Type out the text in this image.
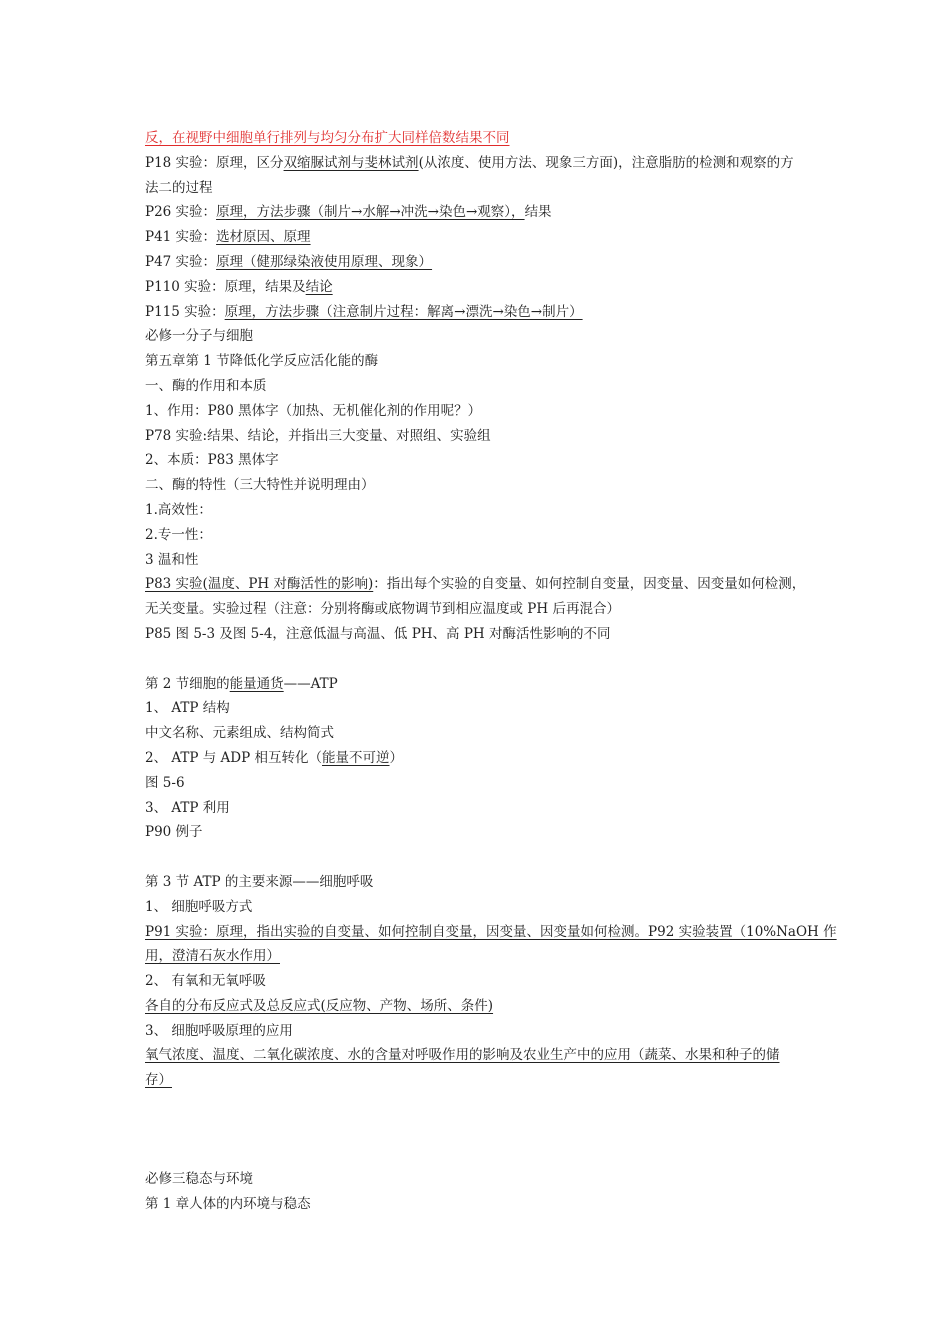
反，在视野中细胞单行排列与均匀分布扩大同样倍数结果不同
P18 实验：原理，区分双缩脲试剂与斐林试剂(从浓度、使用方法、现象三方面)，注意脂肪的检测和观察的方
法二的过程
P26 实验：原理，方法步骤（制片→水解→冲洗→染色→观察），结果
P41 实验：选材原因、原理
P47 实验：原理（健那绿染液使用原理、现象）
P110 实验：原理，结果及结论
P115 实验：原理，方法步骤（注意制片过程：解离→漂洗→染色→制片）
必修一分子与细胞
第五章第 1 节降低化学反应活化能的酶
一、酶的作用和本质
1、作用：P80 黑体字（加热、无机催化剂的作用呢？）
P78 实验:结果、结论，并指出三大变量、对照组、实验组
2、本质：P83 黑体字
二、酶的特性（三大特性并说明理由）
1.高效性：
2.专一性：
3 温和性
P83 实验(温度、PH 对酶活性的影响)：指出每个实验的自变量、如何控制自变量，因变量、因变量如何检测，
无关变量。实验过程（注意：分别将酶或底物调节到相应温度或 PH 后再混合）
P85 图 5-3 及图 5-4，注意低温与高温、低 PH、高 PH 对酶活性影响的不同
第 2 节细胞的能量通货——ATP
1、 ATP 结构
中文名称、元素组成、结构简式
2、 ATP 与 ADP 相互转化（能量不可逆）
图 5-6
3、 ATP 利用
P90 例子
第 3 节 ATP 的主要来源——细胞呼吸
1、 细胞呼吸方式
P91 实验：原理，指出实验的自变量、如何控制自变量，因变量、因变量如何检测。P92 实验装置（10%NaOH 作
用，澄清石灰水作用）
2、 有氧和无氧呼吸
各自的分布反应式及总反应式(反应物、产物、场所、条件)
3、 细胞呼吸原理的应用
氧气浓度、温度、二氧化碳浓度、水的含量对呼吸作用的影响及农业生产中的应用（蔬菜、水果和种子的储
存）
必修三稳态与环境
第 1 章人体的内环境与稳态
